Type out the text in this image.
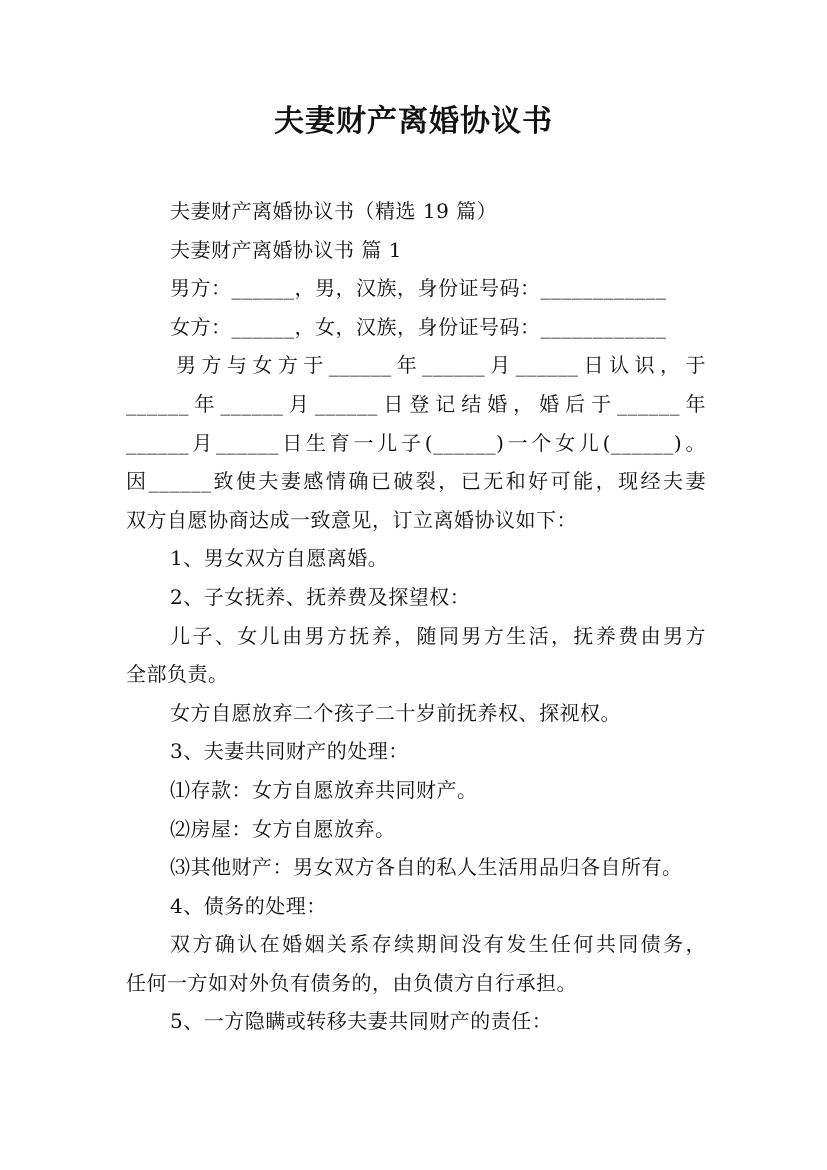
夫妻财产离婚协议书
夫妻财产离婚协议书（精选 19 篇）
夫妻财产离婚协议书 篇 1
男方：______，男，汉族，身份证号码：____________
女方：______，女，汉族，身份证号码：____________
男方与女方于______年______月______日认识，于
______年______月______日登记结婚，婚后于______年
______月______日生育一儿子(______)一个女儿(______)。
因______致使夫妻感情确已破裂，已无和好可能，现经夫妻
双方自愿协商达成一致意见，订立离婚协议如下：
1、男女双方自愿离婚。
2、子女抚养、抚养费及探望权：
儿子、女儿由男方抚养，随同男方生活，抚养费由男方
全部负责。
女方自愿放弃二个孩子二十岁前抚养权、探视权。
3、夫妻共同财产的处理：
⑴存款：女方自愿放弃共同财产。
⑵房屋：女方自愿放弃。
⑶其他财产：男女双方各自的私人生活用品归各自所有。
4、债务的处理：
双方确认在婚姻关系存续期间没有发生任何共同债务，
任何一方如对外负有债务的，由负债方自行承担。
5、一方隐瞒或转移夫妻共同财产的责任：
